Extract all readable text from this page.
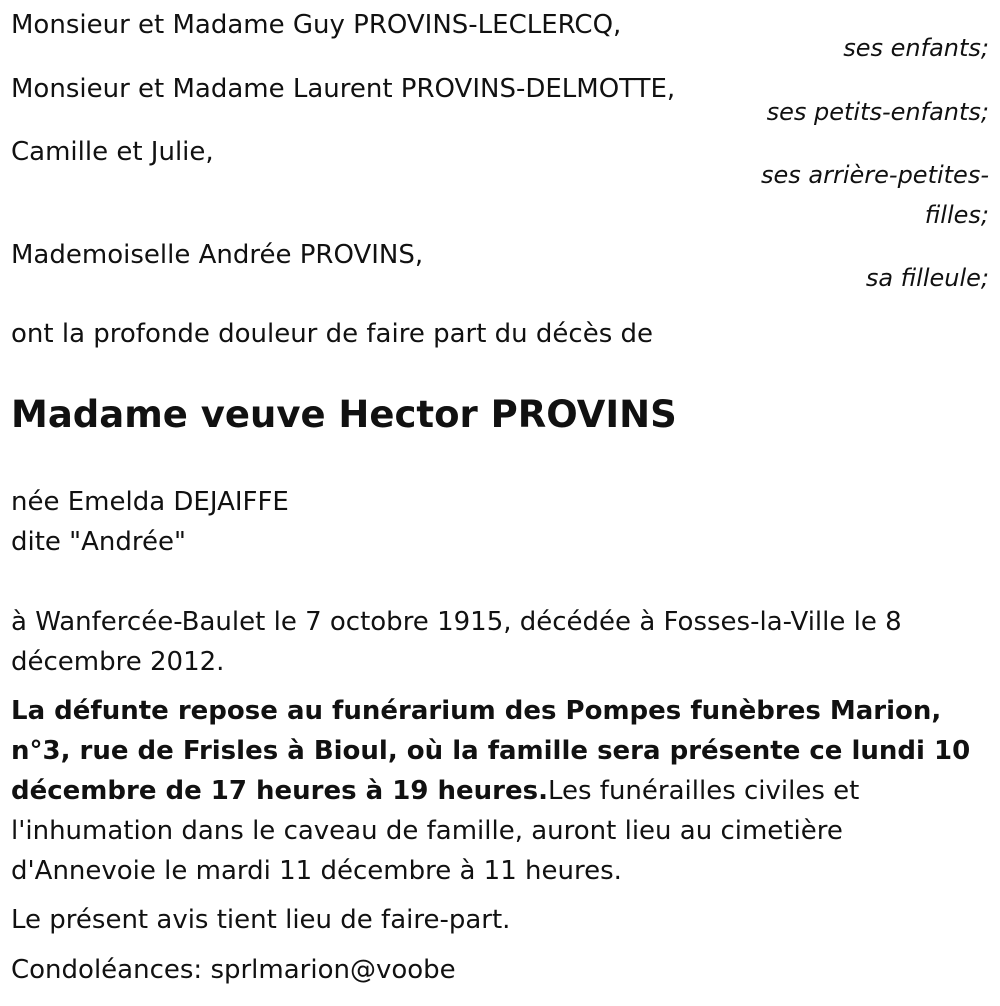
Monsieur et Madame Guy PROVINS-LECLERCQ,
ses enfants;
Monsieur et Madame Laurent PROVINS-DELMOTTE,
ses petits-enfants;
Camille et Julie,
ses arrière-petites-
filles;
Mademoiselle Andrée PROVINS,
sa filleule;
ont la profonde douleur de faire part du décès de
Madame veuve Hector PROVINS
née Emelda DEJAIFFE
dite "Andrée"
à Wanfercée-Baulet le 7 octobre 1915, décédée à Fosses-la-Ville le 8 décembre 2012.
La défunte repose au funérarium des Pompes funèbres Marion, n°3, rue de Frisles à Bioul, où la famille sera présente ce lundi 10 décembre de 17 heures à 19 heures.Les funérailles civiles et l'inhumation dans le caveau de famille, auront lieu au cimetière d'Annevoie le mardi 11 décembre à 11 heures.
Le présent avis tient lieu de faire-part.
Condoléances: sprlmarion@voobe
